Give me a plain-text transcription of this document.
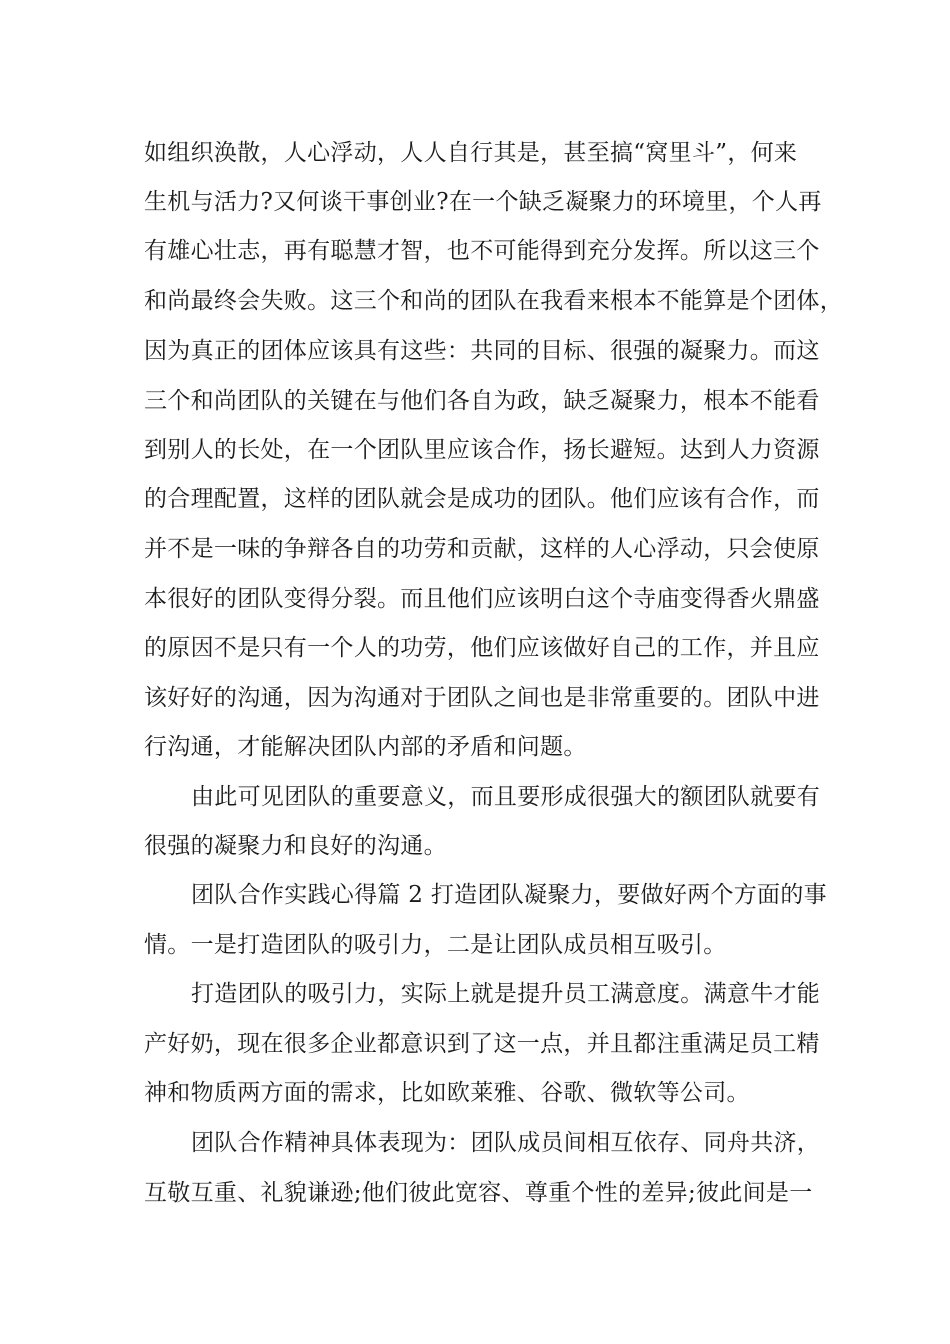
如组织涣散，人心浮动，人人自行其是，甚至搞“窝里斗”，何来
生机与活力?又何谈干事创业?在一个缺乏凝聚力的环境里，个人再
有雄心壮志，再有聪慧才智，也不可能得到充分发挥。所以这三个
和尚最终会失败。这三个和尚的团队在我看来根本不能算是个团体，
因为真正的团体应该具有这些：共同的目标、很强的凝聚力。而这
三个和尚团队的关键在与他们各自为政，缺乏凝聚力，根本不能看
到别人的长处，在一个团队里应该合作，扬长避短。达到人力资源
的合理配置，这样的团队就会是成功的团队。他们应该有合作，而
并不是一味的争辩各自的功劳和贡献，这样的人心浮动，只会使原
本很好的团队变得分裂。而且他们应该明白这个寺庙变得香火鼎盛
的原因不是只有一个人的功劳，他们应该做好自己的工作，并且应
该好好的沟通，因为沟通对于团队之间也是非常重要的。团队中进
行沟通，才能解决团队内部的矛盾和问题。
由此可见团队的重要意义，而且要形成很强大的额团队就要有
很强的凝聚力和良好的沟通。
团队合作实践心得篇 2 打造团队凝聚力，要做好两个方面的事
情。一是打造团队的吸引力，二是让团队成员相互吸引。
打造团队的吸引力，实际上就是提升员工满意度。满意牛才能
产好奶，现在很多企业都意识到了这一点，并且都注重满足员工精
神和物质两方面的需求，比如欧莱雅、谷歌、微软等公司。
团队合作精神具体表现为：团队成员间相互依存、同舟共济，
互敬互重、礼貌谦逊;他们彼此宽容、尊重个性的差异;彼此间是一
